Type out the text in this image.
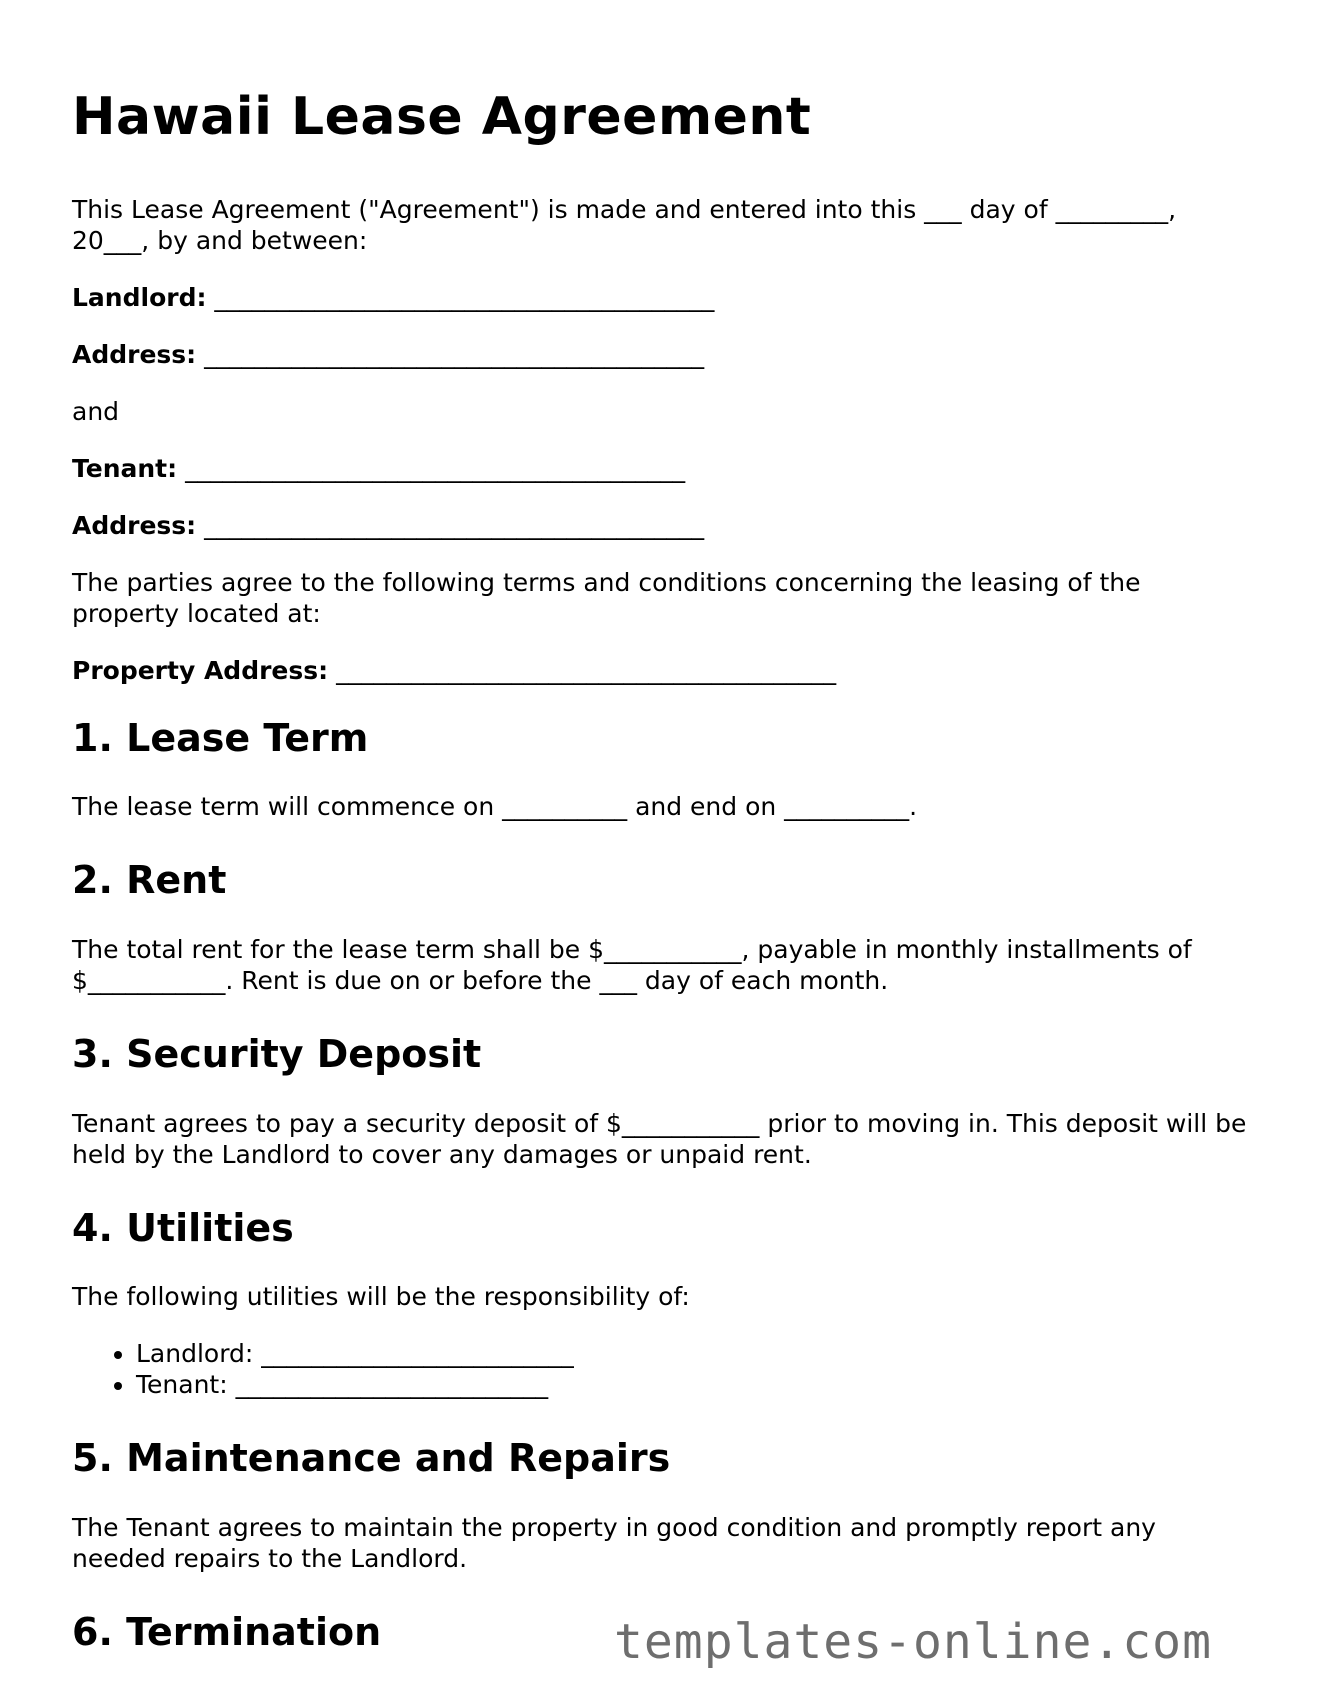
Hawaii Lease Agreement

This Lease Agreement ("Agreement") is made and entered into this ___ day of _________, 20___, by and between:

Landlord: ________________________________________
Address: ________________________________________

and

Tenant: ________________________________________
Address: ________________________________________

The parties agree to the following terms and conditions concerning the leasing of the property located at:

Property Address: ________________________________________
1. Lease Term

The lease term will commence on __________ and end on __________.

2. Rent

The total rent for the lease term shall be $___________, payable in monthly installments of $___________. Rent is due on or before the ___ day of each month.

3. Security Deposit

Tenant agrees to pay a security deposit of $___________ prior to moving in. This deposit will be held by the Landlord to cover any damages or unpaid rent.

4. Utilities

The following utilities will be the responsibility of:

• Landlord: _________________________
• Tenant: _________________________
5. Maintenance and Repairs

The Tenant agrees to maintain the property in good condition and promptly report any needed repairs to the Landlord.

6. Termination	templates-online.com
